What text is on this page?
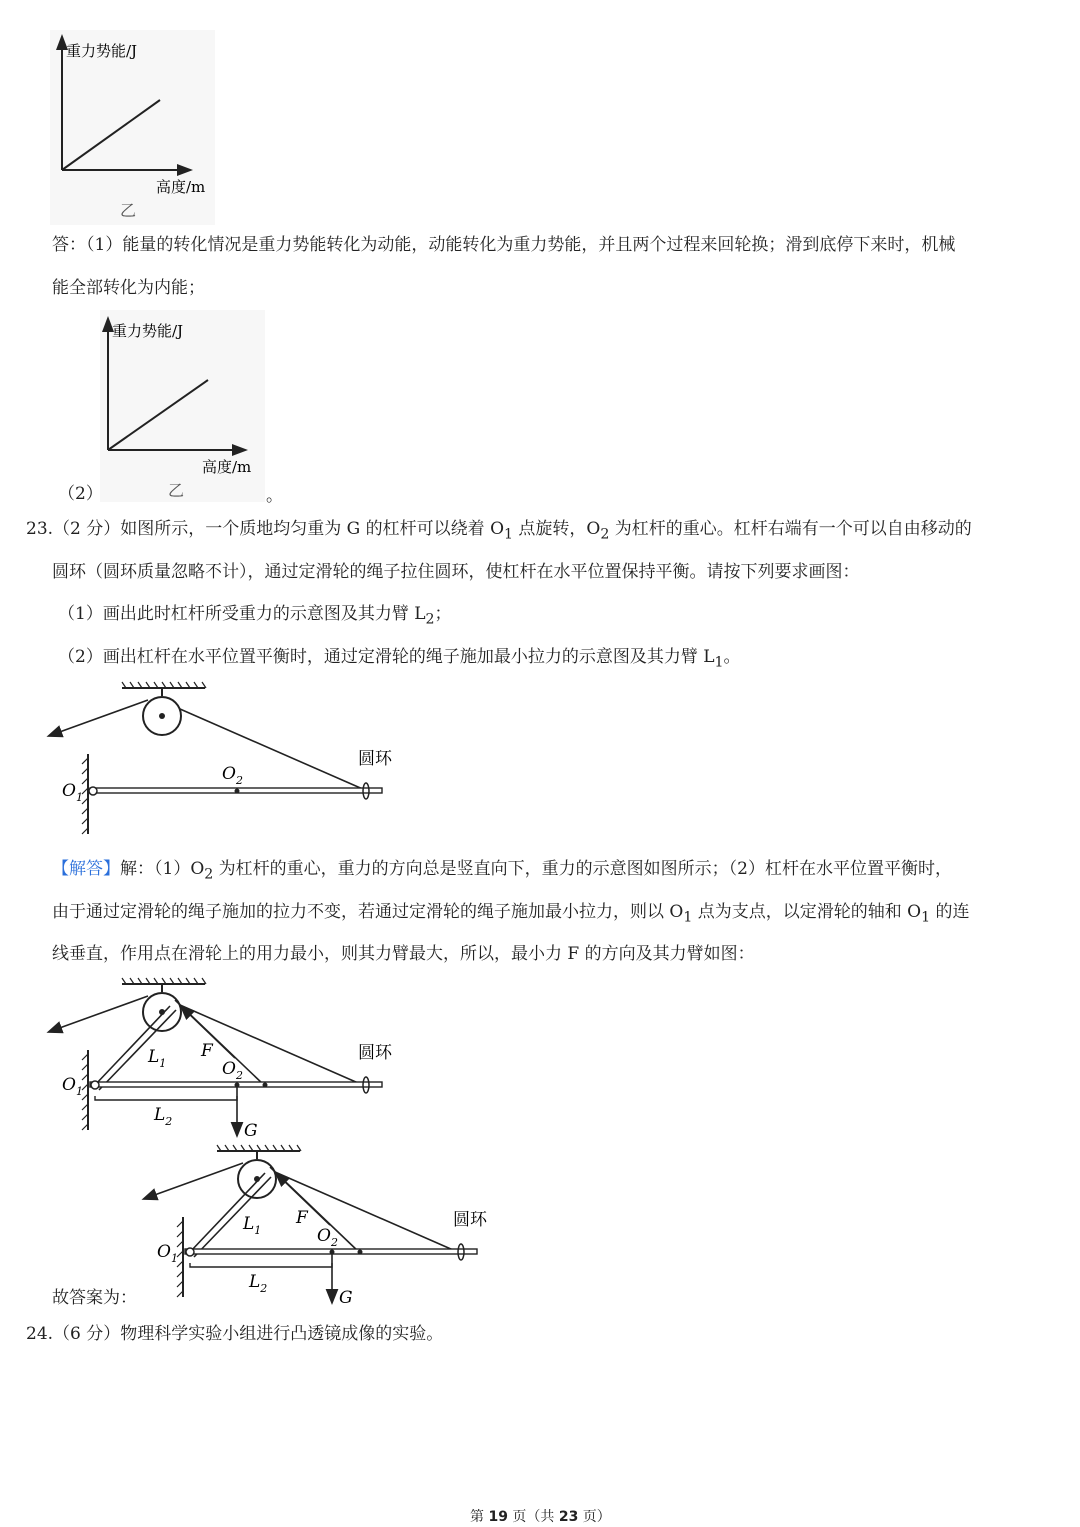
重力势能/J
高度/m
乙
答：（1）能量的转化情况是重力势能转化为动能，动能转化为重力势能，并且两个过程来回轮换；滑到底停下来时，机械
能全部转化为内能；
重力势能/J
高度/m
乙
（2）	。
23.（2 分）如图所示，一个质地均匀重为 G 的杠杆可以绕着 $O_1$ 点旋转，$O_2$ 为杠杆的重心。杠杆右端有一个可以自由移动的
圆环（圆环质量忽略不计），通过定滑轮的绳子拉住圆环，使杠杆在水平位置保持平衡。请按下列要求画图：
（1）画出此时杠杆所受重力的示意图及其力臂 $L_2$；
（2）画出杠杆在水平位置平衡时，通过定滑轮的绳子施加最小拉力的示意图及其力臂 $L_1$。
$O_1$
$O_2$
圆环
【解答】解：$(1)O_2$ 为杠杆的重心，重力的方向总是竖直向下，重力的示意图如图所示；（2）杠杆在水平位置平衡时，
由于通过定滑轮的绳子施加的拉力不变，若通过定滑轮的绳子施加最小拉力，则以 $O_1$ 点为支点，以定滑轮的轴和 $O_1$ 的连
线垂直，作用点在滑轮上的用力最小，则其力臂最大，所以，最小力 F 的方向及其力臂如图：
$O_1$
$O_2$
$L_1$
$L_2$
F
G
圆环
$O_1$
$O_2$
$L_1$
$L_2$
F
G
圆环
故答案为：
24.（6 分）物理科学实验小组进行凸透镜成像的实验。
第 19 页（共 23 页）
